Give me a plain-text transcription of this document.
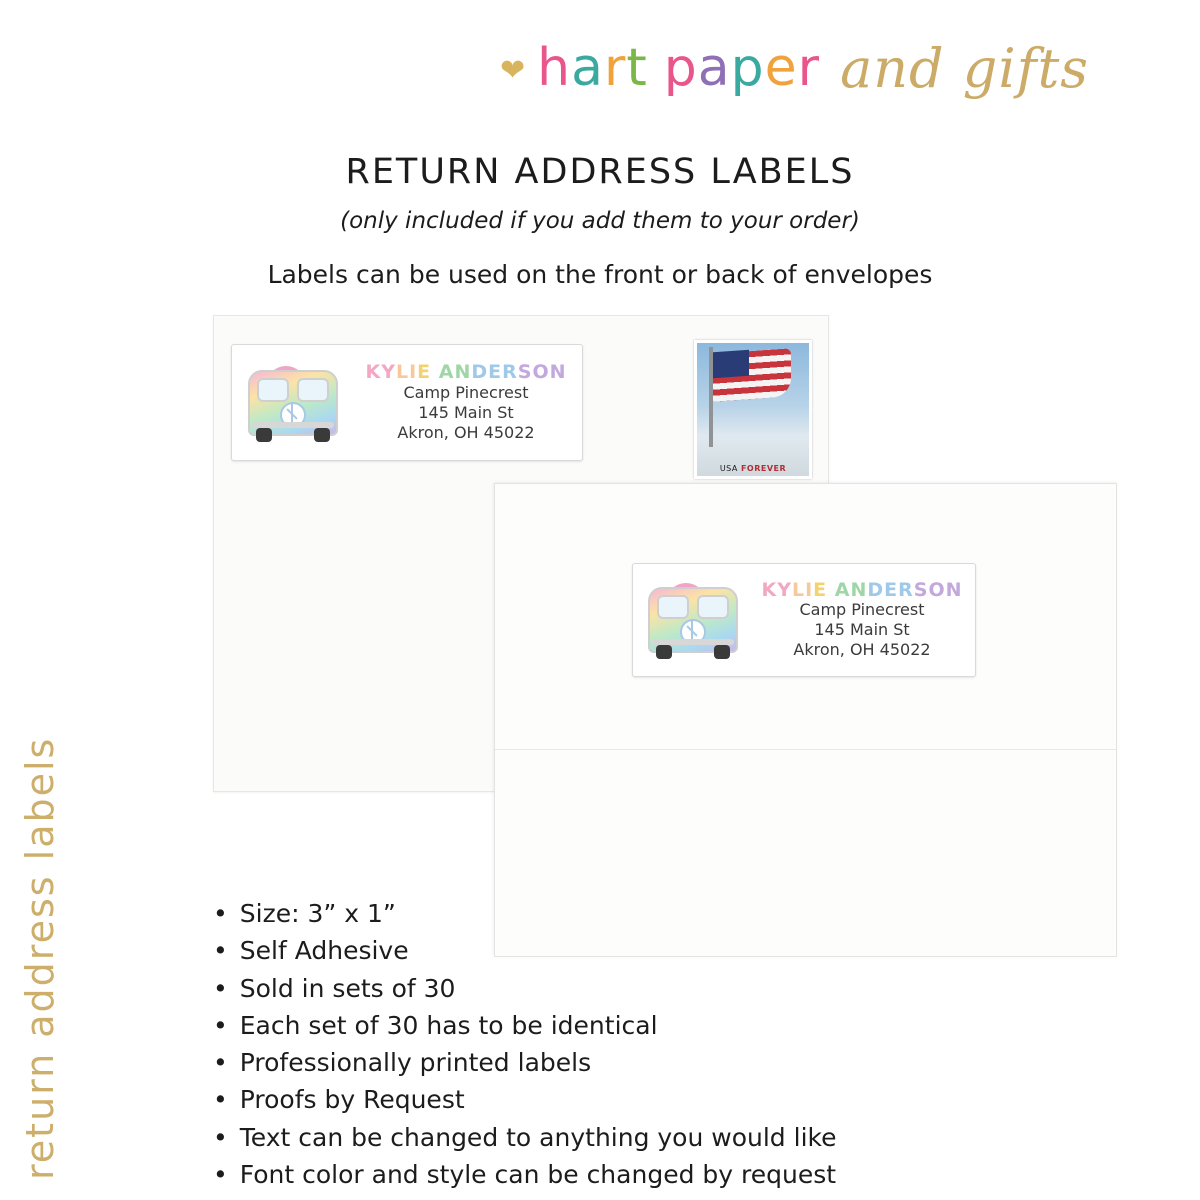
❤ hart paper and gifts
RETURN ADDRESS LABELS
(only included if you add them to your order)
Labels can be used on the front or back of envelopes
return address labels
USA FOREVER
KYLIE ANDERSON
Camp Pinecrest
145 Main St
Akron, OH 45022
KYLIE ANDERSON
Camp Pinecrest
145 Main St
Akron, OH 45022
• Size: 3” x 1”
• Self Adhesive
• Sold in sets of 30
• Each set of 30 has to be identical
• Professionally printed labels
• Proofs by Request
• Text can be changed to anything you would like
• Font color and style can be changed by request
